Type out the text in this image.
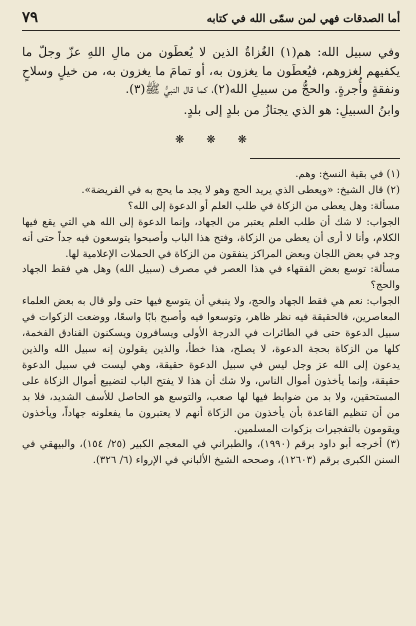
أما الصدقات فهي لمن سمّى الله في كتابه
٧٩

وفي سبيل الله: هم(١) الغُزاةُ الذين لا يُعطَون من مالِ اللهِ عزّ وجلّ ما يكفيهم لغزوهم، فيُعطَون ما يغزون به، أو تمامَ ما يغزون به، من خيلٍ وسلاحٍ ونفقةٍ وأُجرةٍ. والحجُّ من سبيلِ الله(٢)، كما قال النبيُّ ﷺ(٣).

وابنُ السبيلِ: هو الذي يجتازُ من بلدٍ إلى بلدٍ.

❋ ❋ ❋

(١) في بقية النسخ: وهم.

(٢) قال الشيخ: «ويعطى الذي يريد الحج وهو لا يجد ما يحج به في الفريضة».

مسألة: وهل يعطى من الزكاة في طلب العلم أو الدعوة إلى الله؟

الجواب: لا شك أن طلب العلم يعتبر من الجهاد، وإنما الدعوة إلى الله هي التي يقع فيها الكلام، وأنا لا أرى أن يعطى من الزكاة، وفتح هذا الباب وأصبحوا يتوسعون فيه جداً حتى أنه وجد في بعض اللجان وبعض المراكز ينفقون من الزكاة في الحملات الإعلامية لها.

مسألة: توسع بعض الفقهاء في هذا العصر في مصرف (سبيل الله) وهل هي فقط الجهاد والحج؟

الجواب: نعم هي فقط الجهاد والحج، ولا ينبغي أن يتوسع فيها حتى ولو قال به بعض العلماء المعاصرين، فالحقيقة فيه نظر ظاهر، وتوسعوا فيه وأصبح بابًا واسعًا، ووضعت الزكوات في سبيل الدعوة حتى في الطائرات في الدرجة الأولى ويسافرون ويسكنون الفنادق الفخمة، كلها من الزكاة بحجة الدعوة، لا يصلح، هذا خطأ، والذين يقولون إنه سبيل الله والذين يدعون إلى الله عز وجل ليس في سبيل الدعوة حقيقة، وهي ليست في سبيل الدعوة حقيقة، وإنما يأخذون أموال الناس، ولا شك أن هذا لا يفتح الباب لتضييع أموال الزكاة على المستحقين، ولا بد من ضوابط فيها لها صعب، والتوسع هو الحاصل للأسف الشديد، فلا بد من أن تنظيم القاعدة بأن يأخذون من الزكاة أنهم لا يعتبرون ما يفعلونه جهاداً، ويأخذون ويقومون بالتفجيرات بزكوات المسلمين.

(٣) أخرجه أبو داود برقم (١٩٩٠)، والطبراني في المعجم الكبير (٢٥/ ١٥٤)، والبيهقي في السنن الكبرى برقم (١٢٦٠٣)، وصححه الشيخ الألباني في الإرواء (٦/ ٣٢٦).
